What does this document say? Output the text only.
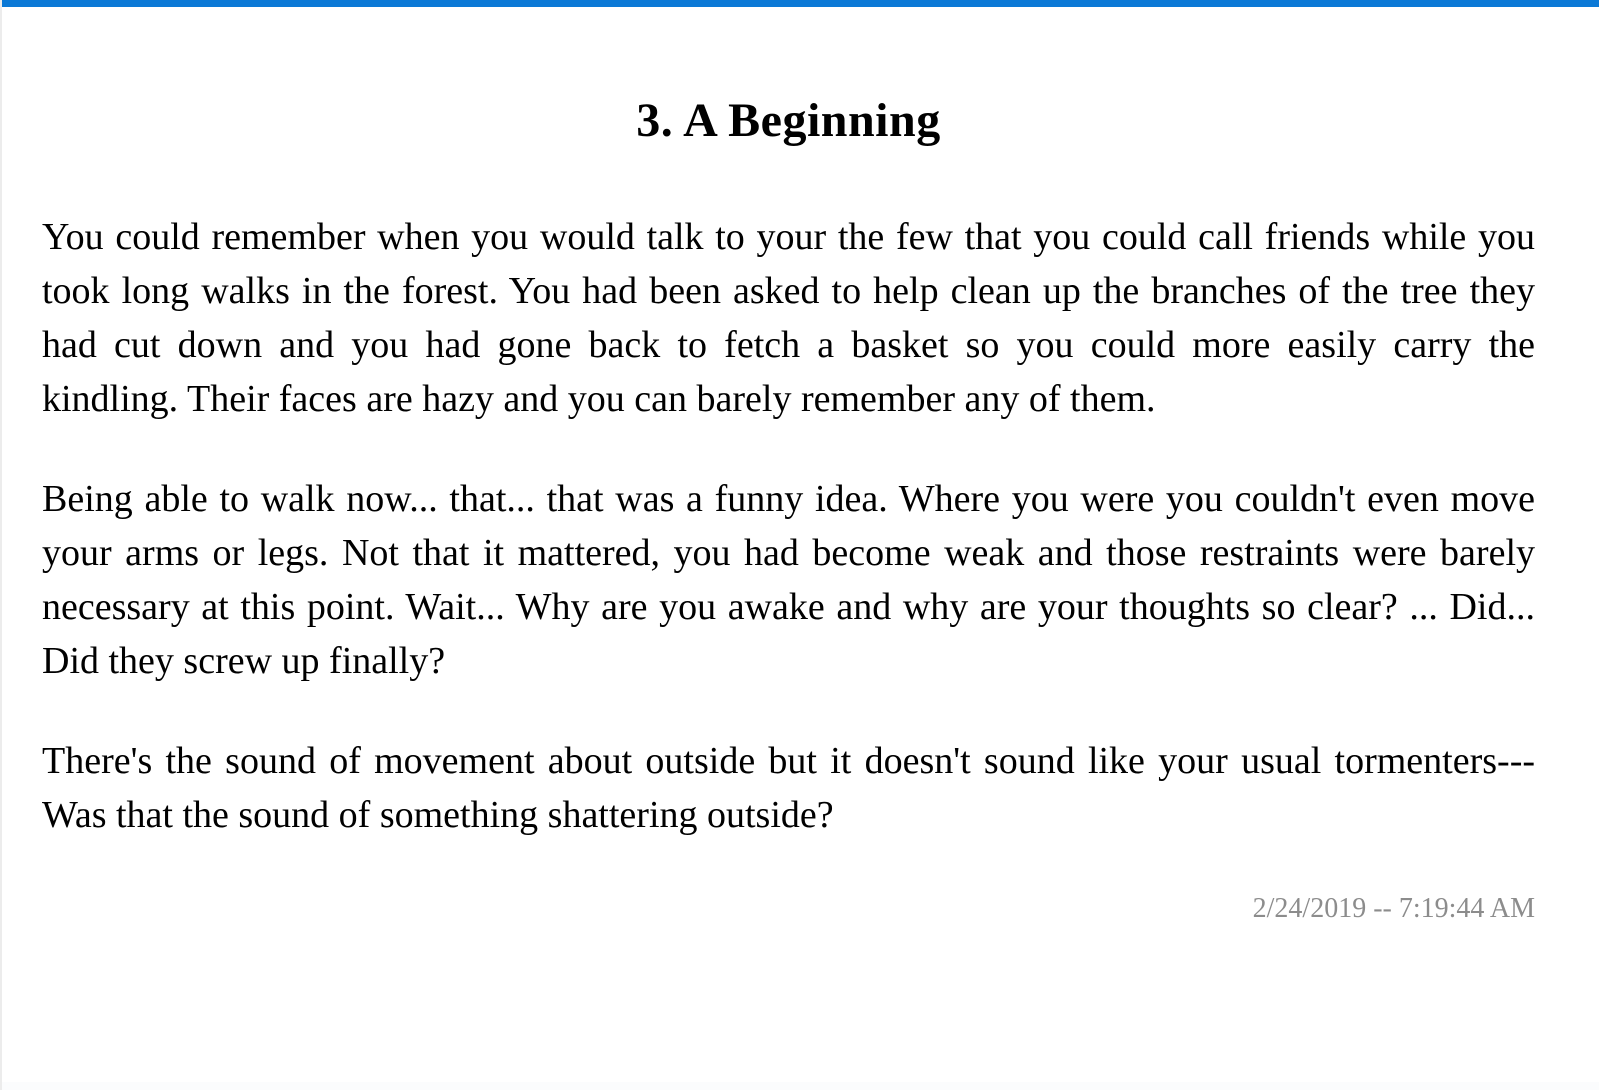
3. A Beginning

You could remember when you would talk to your the few that you could call friends while you took long walks in the forest. You had been asked to help clean up the branches of the tree they had cut down and you had gone back to fetch a basket so you could more easily carry the kindling. Their faces are hazy and you can barely remember any of them.

Being able to walk now... that... that was a funny idea. Where you were you couldn't even move your arms or legs. Not that it mattered, you had become weak and those restraints were barely necessary at this point. Wait... Why are you awake and why are your thoughts so clear? ... Did... Did they screw up finally?

There's the sound of movement about outside but it doesn't sound like your usual tormenters--- Was that the sound of something shattering outside?

2/24/2019 -- 7:19:44 AM
